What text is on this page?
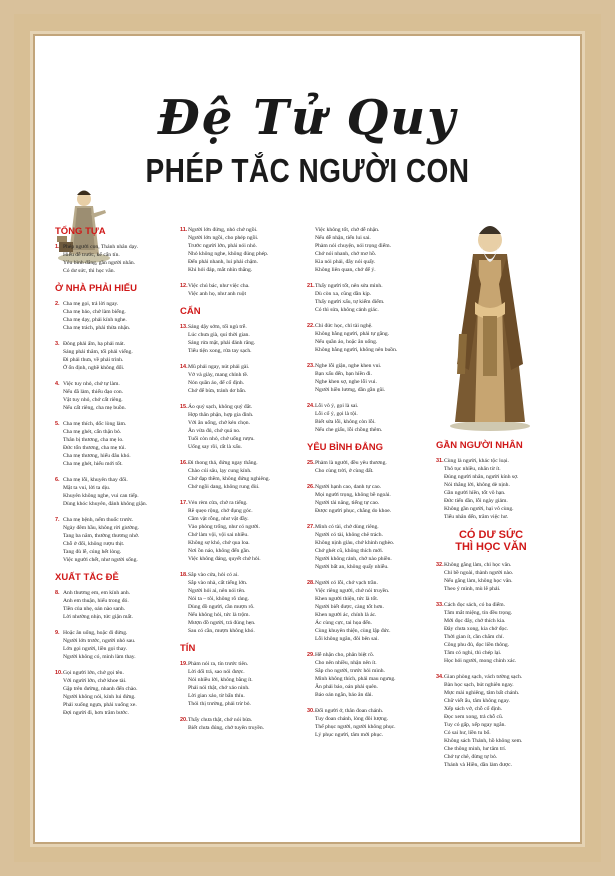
Đệ Tử Quy
PHÉP TẮC NGƯỜI CON
TỔNG TỰA
1. Phép người con, Thánh nhân dạy.
Hiếu đễ trước, kế cẩn tín.
Yêu bình đẳng, gần người nhân.
Có dư sức, thì học văn.
Ở NHÀ PHẢI HIẾU
2. Cha mẹ gọi, trả lời ngay.
Cha mẹ bảo, chớ làm biếng.
Cha mẹ dạy, phải kính nghe.
Cha mẹ trách, phải thừa nhận.
3. Đông phải ấm, hạ phải mát.
Sáng phải thăm, tối phải viếng.
Đi phải thưa, về phải trình.
Ở ổn định, nghề không đổi.
4. Việc tuy nhỏ, chớ tự làm.
Nếu đã làm, thiếu đạo con.
Vật tuy nhỏ, chớ cất riêng.
Nếu cất riêng, cha mẹ buồn.
5. Cha mẹ thích, dốc lòng làm.
Cha mẹ ghét, cẩn thận bỏ.
Thân bị thương, cha mẹ lo.
Đức tổn thương, cha mẹ tủi.
Cha mẹ thương, hiếu đâu khó.
Cha mẹ ghét, hiếu mới tốt.
6. Cha mẹ lỗi, khuyên thay đổi.
Mặt ta vui, lời ta dịu.
Khuyên không nghe, vui can tiếp.
Dùng khóc khuyên, đánh không giận.
7. Cha mẹ bệnh, nếm thuốc trước.
Ngày đêm hầu, không rời giường.
Tang ba năm, thường thương nhớ.
Chỗ ở đổi, không rượu thịt.
Tang đủ lễ, cúng hết lòng.
Việc người chết, như người sống.
XUẤT TẮC ĐỄ
8. Anh thương em, em kính anh.
Anh em thuận, hiếu trong đó.
Tiền của nhẹ, oán nào sanh.
Lời nhường nhịn, tức giận mất.
9. Hoặc ăn uống, hoặc đi đứng.
Người lớn trước, người nhỏ sau.
Lớn gọi người, liền gọi thay.
Người không có, mình làm thay.
10. Gọi người lớn, chớ gọi tên.
Với người lớn, chớ khoe tài.
Gặp trên đường, nhanh đến chào.
Người không nói, kính lui đứng.
Phải xuống ngựa, phải xuống xe.
Đợi người đi, hơn trăm bước.
11. Người lớn đứng, nhỏ chớ ngồi.
Người lớn ngồi, cho phép ngồi.
Trước người lớn, phải nói nhỏ.
Nhỏ không nghe, không đúng phép.
Đến phải nhanh, lui phải chậm.
Khi hỏi đáp, mắt nhìn thẳng.
12. Việc chú bác, như việc cha.
Việc anh họ, như anh ruột
CẨN
13. Sáng dậy sớm, tối ngủ trễ.
Lúc chưa già, quí thời gian.
Sáng rửa mặt, phải đánh răng.
Tiểu tiện xong, rửa tay sạch.
14. Mũ phải ngay, nút phải gài.
Vớ và giày, mang chỉnh tề.
Nón quần áo, để cố định.
Chớ để bừa, tránh dơ bẩn.
15. Áo quý sạch, không quý đắt.
Hợp thân phận, hợp gia đình.
Với ăn uống, chớ kén chọn.
Ăn vừa đủ, chớ quá no.
Tuổi còn nhỏ, chớ uống rượu.
Uống say rồi, rất là xấu.
16. Đi thong thả, đứng ngay thẳng.
Chào cúi sâu, lạy cung kính.
Chớ đạp thềm, không đứng nghiêng.
Chớ ngồi dang, không rung đùi.
17. Vén rèm cửa, chớ ra tiếng.
Rẽ quẹo rộng, chớ đụng góc.
Cầm vật rỗng, như vật đầy.
Vào phòng trống, như có người.
Chớ làm vội, vội sai nhiều.
Không sợ khó, chớ qua loa.
Nơi ồn náo, không đến gần.
Việc không đáng, quyết chớ hỏi.
18. Sắp vào cửa, hỏi có ai.
Sắp vào nhà, cất tiếng lớn.
Người hỏi ai, nên nói tên.
Nói ta – tôi, không rõ ràng.
Dùng đồ người, cần mượn rõ.
Nếu không hỏi, tức là trộm.
Mượn đồ người, trả đúng hẹn.
Sau có cần, mượn không khó.
TÍN
19. Phàm nói ra, tín trước tiên.
Lời dối trá, sao nói được.
Nói nhiều lời, không bằng ít.
Phải nói thật, chớ xảo ninh.
Lời gian xảo, từ bẩn thỉu.
Thói thị trường, phải trừ bỏ.
20. Thấy chưa thật, chớ nói bừa.
Biết chưa đúng, chớ tuyên truyền.
Việc không tốt, chớ dễ nhận.
Nếu dễ nhận, tiến lui sai.
Phàm nói chuyện, nói trọng điểm.
Chớ nói nhanh, chớ mơ hồ.
Kia nói phải, đây nói quấy.
Không liên quan, chớ để ý.
21. Thấy người tốt, nên sửa mình.
Dù còn xa, cũng dần kịp.
Thấy người xấu, tự kiểm điểm.
Có thì sửa, không cảnh giác.
22. Chỉ đức học, chỉ tài nghệ.
Không bằng người, phải tự gắng.
Nếu quần áo, hoặc ăn uống.
Không bằng người, không nên buồn.
23. Nghe lỗi giận, nghe khen vui.
Bạn xấu đến, bạn hiền đi.
Nghe khen sợ, nghe lỗi vui.
Người hiền lương, dần gần gũi.
24. Lỗi vô ý, gọi là sai.
Lỗi cố ý, gọi là tội.
Biết sửa lỗi, không còn lỗi.
Nếu che giấu, lỗi chồng thêm.
YÊU BÌNH ĐẲNG
25. Phàm là người, đều yêu thương.
Cho cùng trời, ở cùng đất.
26. Người hạnh cao, danh tự cao.
Mọi người trọng, không bề ngoài.
Người tài năng, tiếng tự cao.
Được người phục, chẳng do khoe.
27. Mình có tài, chớ dùng riêng.
Người có tài, không chê trách.
Không nịnh giàu, chớ khinh nghèo.
Chớ ghét cũ, không thích mới.
Người không rảnh, chớ nào phiền.
Người bất an, không quấy nhiễu.
28. Người có lỗi, chớ vạch trần.
Việc riêng người, chớ nói truyền.
Khen người thiện, tức là tốt.
Người biết được, càng tốt hơn.
Khen người ác, chính là ác.
Ác cùng cực, tai họa đến.
Cùng khuyên thiện, cùng lập đức.
Lỗi không ngăn, đôi bên sai.
29. Hễ nhận cho, phân biệt rõ.
Cho nên nhiều, nhận nên ít.
Sắp cho người, trước hỏi mình.
Mình không thích, phải mau ngưng.
Ân phải báo, oán phải quên.
Báo oán ngắn, báo ân dài.
30. Đối người ở, thân đoan chánh.
Tuy đoan chánh, lòng đôi lượng.
Thế phục người, người không phục.
Lý phục người, tâm mới phục.
GẦN NGƯỜI NHÂN
31. Cùng là người, khác tộc loại.
Thô tục nhiều, nhân từ ít.
Đúng người nhân, người kính sợ.
Nói thẳng lời, không dè nịnh.
Gần người hiền, tốt vô hạn.
Đức tiến dần, lỗi ngày giảm.
Không gần người, hại vô cùng.
Tiểu nhân đến, trăm việc hư.
CÓ DƯ SỨC
THÌ HỌC VĂN
32. Không gắng làm, chỉ học văn.
Chỉ bề ngoài, thành người nào.
Nếu gắng làm, không học văn.
Theo ý mình, mù lẽ phải.
33. Cách đọc sách, có ba điểm.
Tâm mắt miệng, tín đều trọng.
Mới đọc đây, chớ thích kia.
Đây chưa xong, kia chớ đọc.
Thời gian ít, cần chăm chỉ.
Công phu đủ, đọc liền thông.
Tâm có nghi, thì chép lại.
Học hỏi người, mong chính xác.
34. Gian phòng sạch, vách tường sạch.
Bàn học sạch, bút nghiên ngay.
Mực mài nghiêng, tâm bất chánh.
Chữ viết ẩu, tâm không ngay.
Xếp sách vở, chỗ cố định.
Đọc xem xong, trả chỗ cũ.
Tuy có gấp, xếp ngay ngắn.
Có sai hư, liền tu bổ.
Không sách Thánh, hồ không xem.
Che thông minh, hư tâm trí.
Chớ tự chê, đừng tự bỏ.
Thánh và Hiền, dần làm được.
